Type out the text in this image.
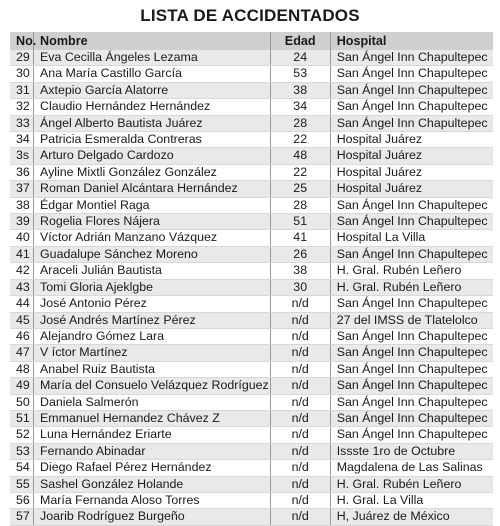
LISTA DE ACCIDENTADOS
No.	Nombre	Edad	Hospital
29	Eva Cecilla Ángeles Lezama	24	San Ángel Inn Chapultepec
30	Ana María Castillo García	53	San Ángel Inn Chapultepec
31	Axtepio García Alatorre	38	San Ángel Inn Chapultepec
32	Claudio Hernández Hernández	34	San Ángel Inn Chapultepec
33	Ángel Alberto Bautista Juárez	28	San Ángel Inn Chapultepec
34	Patricia Esmeralda Contreras	22	Hospital Juárez
3s	Arturo Delgado Cardozo	48	Hospital Juárez
36	Ayline Mixtli González González	22	Hospital Juárez
37	Roman Daniel Alcántara Hernández	25	Hospital Juárez
38	Édgar Montiel Raga	28	San Ángel Inn Chapultepec
39	Rogelia Flores Nájera	51	San Ángel Inn Chapultepec
40	Víctor Adrián Manzano Vázquez	41	Hospital La Villa
41	Guadalupe Sánchez Moreno	26	San Ángel Inn Chapultepec
42	Araceli Julián Bautista	38	H. Gral. Rubén Leñero
43	Tomi Gloria Ajeklgbe	30	H. Gral. Rubén Leñero
44	José Antonio Pérez	n/d	San Ángel Inn Chapultepec
45	José Andrés Martínez Pérez	n/d	27 del IMSS de Tlatelolco
46	Alejandro Gómez Lara	n/d	San Ángel Inn Chapultepec
47	V íctor Martínez	n/d	San Ángel Inn Chapultepec
48	Anabel Ruiz Bautista	n/d	San Ángel Inn Chapultepec
49	María del Consuelo Velázquez Rodríguez	n/d	San Ángel Inn Chapultepec
50	Daniela Salmerón	n/d	San Ángel Inn Chapultepec
51	Emmanuel Hernandez Chávez Z	n/d	San Ángel Inn Chapultepec
52	Luna Hernández Eriarte	n/d	San Ángel Inn Chapultepec
53	Fernando Abinadar	n/d	Issste 1ro de Octubre
54	Diego Rafael Pérez Hernández	n/d	Magdalena de Las Salinas
55	Sashel González Holande	n/d	H. Gral. Rubén Leñero
56	María Fernanda Aloso Torres	n/d	H. Gral. La Villa
57	Joarib Rodríguez Burgeño	n/d	H, Juárez de México
